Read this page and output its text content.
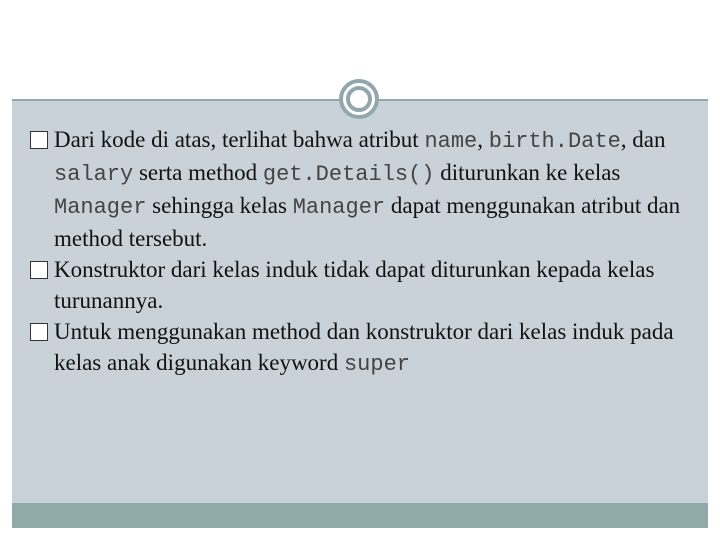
Dari kode di atas, terlihat bahwa atribut name, birth.Date, dan salary serta method get.Details() diturunkan ke kelas Manager sehingga kelas Manager dapat menggunakan atribut dan method tersebut.
Konstruktor dari kelas induk tidak dapat diturunkan kepada kelas turunannya.
Untuk menggunakan method dan konstruktor dari kelas induk pada kelas anak digunakan keyword super
